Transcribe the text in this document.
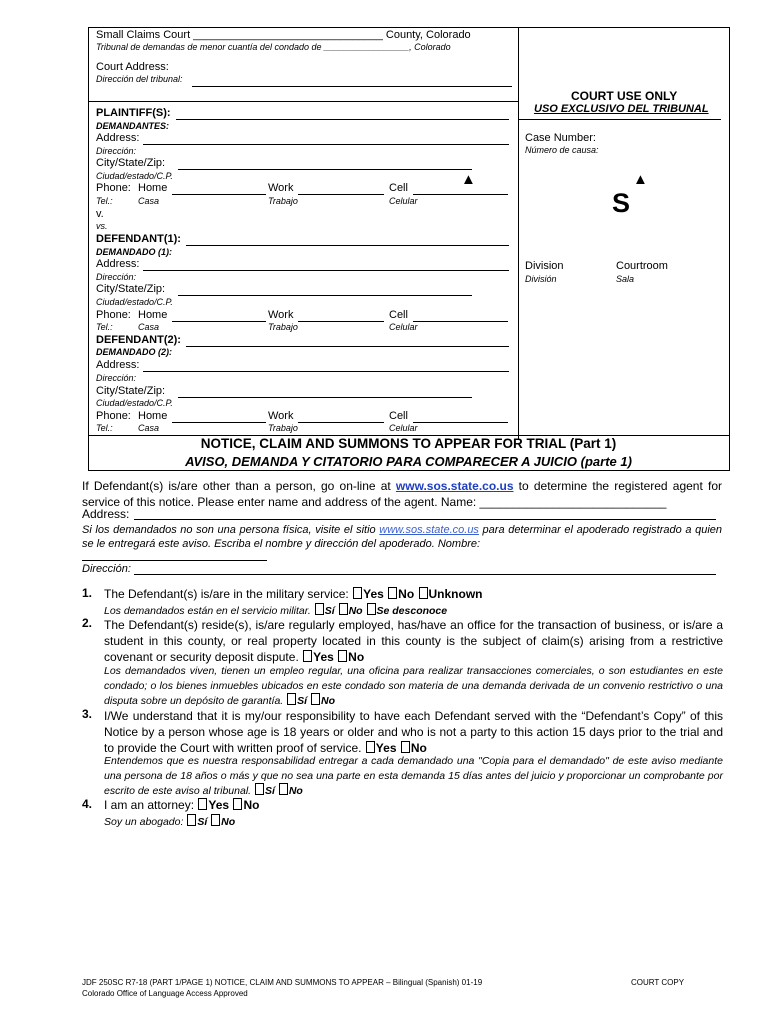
Small Claims Court _______________________________ County, Colorado
Tribunal de demandas de menor cuantía del condado de _________________, Colorado
Court Address:
Dirección del tribunal:
PLAINTIFF(S):
DEMANDANTES:
Address:
Dirección:
City/State/Zip:
Ciudad/estado/C.P.	▲
Phone: Home	Work	Cell
Tel.:	Casa	Trabajo	Celular
v.
vs.
DEFENDANT(1):
DEMANDADO (1):
Address:
Dirección:
City/State/Zip:
Ciudad/estado/C.P.
Phone: Home	Work	Cell
Tel.:	Casa	Trabajo	Celular
DEFENDANT(2):
DEMANDADO (2):
Address:
Dirección:
City/State/Zip:
Ciudad/estado/C.P.
Phone: Home	Work	Cell
Tel.:	Casa	Trabajo	Celular
COURT USE ONLY
USO EXCLUSIVO DEL TRIBUNAL
Case Number:
Número de causa:
▲
S
Division
División
Courtroom
Sala
NOTICE, CLAIM AND SUMMONS TO APPEAR FOR TRIAL (Part 1)
AVISO, DEMANDA Y CITATORIO PARA COMPARECER A JUICIO (parte 1)
If Defendant(s) is/are other than a person, go on-line at www.sos.state.co.us to determine the registered agent for service of this notice. Please enter name and address of the agent. Name: ____________________________
Address:
Si los demandados no son una persona física, visite el sitio www.sos.state.co.us para determinar el apoderado registrado a quien se le entregará este aviso. Escriba el nombre y dirección del apoderado. Nombre:
Dirección:
1. The Defendant(s) is/are in the military service: Yes No Unknown
Los demandados están en el servicio militar. Sí No Se desconoce
2. The Defendant(s) reside(s), is/are regularly employed, has/have an office for the transaction of business, or is/are a student in this county, or real property located in this county is the subject of claim(s) arising from a restrictive covenant or security deposit dispute. Yes No
Los demandados viven, tienen un empleo regular, una oficina para realizar transacciones comerciales, o son estudiantes en este condado; o los bienes inmuebles ubicados en este condado son materia de una demanda derivada de un convenio restrictivo o una disputa sobre un depósito de garantía. Sí No
3. I/We understand that it is my/our responsibility to have each Defendant served with the “Defendant’s Copy” of this Notice by a person whose age is 18 years or older and who is not a party to this action 15 days prior to the trial and to provide the Court with written proof of service. Yes No
Entendemos que es nuestra responsabilidad entregar a cada demandado una "Copia para el demandado" de este aviso mediante una persona de 18 años o más y que no sea una parte en esta demanda 15 días antes del juicio y proporcionar un comprobante por escrito de este aviso al tribunal. Sí No
4. I am an attorney: Yes No
Soy un abogado: Sí No
JDF 250SC R7-18 (PART 1/PAGE 1) NOTICE, CLAIM AND SUMMONS TO APPEAR – Bilingual (Spanish) 01-19
Colorado Office of Language Access Approved
COURT COPY
